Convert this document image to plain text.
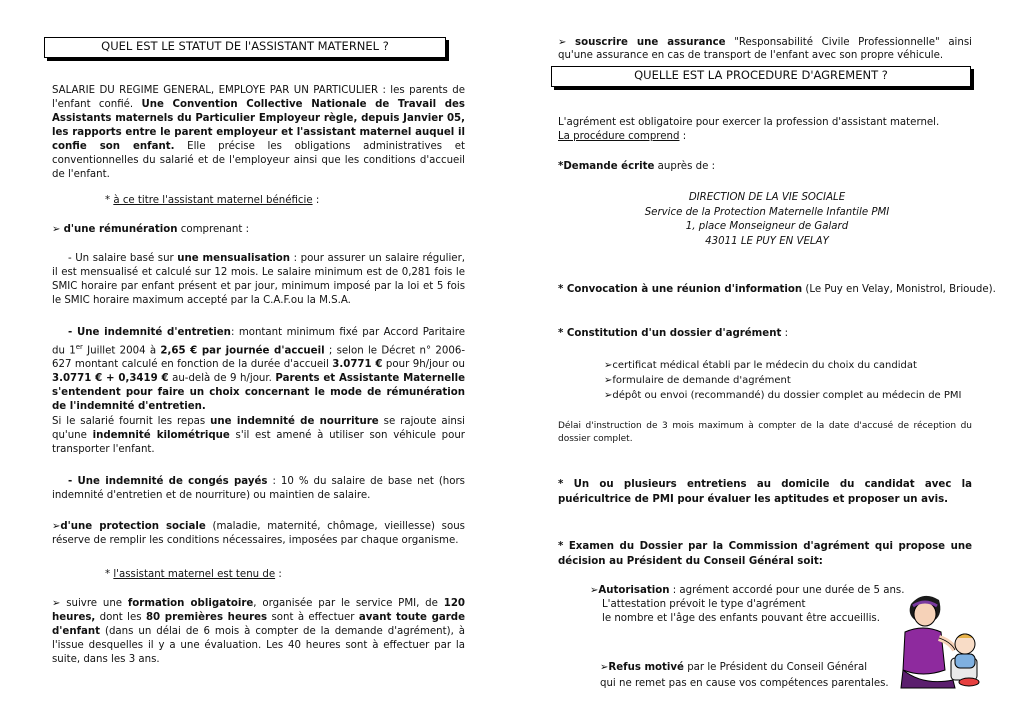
QUEL EST LE STATUT DE l'ASSISTANT MATERNEL ?
SALARIE DU REGIME GENERAL, EMPLOYE PAR UN PARTICULIER : les parents de l'enfant confié. Une Convention Collective Nationale de Travail des Assistants maternels du Particulier Employeur règle, depuis Janvier 05, les rapports entre le parent employeur et l'assistant maternel auquel il confie son enfant. Elle précise les obligations administratives et conventionnelles du salarié et de l'employeur ainsi que les conditions d'accueil de l'enfant.
* à ce titre l'assistant maternel bénéficie :
➢ d'une rémunération comprenant :
- Un salaire basé sur une mensualisation : pour assurer un salaire régulier, il est mensualisé et calculé sur 12 mois. Le salaire minimum est de 0,281 fois le SMIC horaire par enfant présent et par jour, minimum imposé par la loi et 5 fois le SMIC horaire maximum accepté par la C.A.F.ou la M.S.A.
- Une indemnité d'entretien: montant minimum fixé par Accord Paritaire du 1er Juillet 2004 à 2,65 € par journée d'accueil ; selon le Décret n° 2006-627 montant calculé en fonction de la durée d'accueil 3.0771 € pour 9h/jour ou 3.0771 € + 0,3419 € au-delà de 9 h/jour. Parents et Assistante Maternelle s'entendent pour faire un choix concernant le mode de rémunération de l'indemnité d'entretien.
Si le salarié fournit les repas une indemnité de nourriture se rajoute ainsi qu'une indemnité kilométrique s'il est amené à utiliser son véhicule pour transporter l'enfant.
- Une indemnité de congés payés : 10 % du salaire de base net (hors indemnité d'entretien et de nourriture) ou maintien de salaire.
➢d'une protection sociale (maladie, maternité, chômage, vieillesse) sous réserve de remplir les conditions nécessaires, imposées par chaque organisme.
* l'assistant maternel est tenu de :
➢ suivre une formation obligatoire, organisée par le service PMI, de 120 heures, dont les 80 premières heures sont à effectuer avant toute garde d'enfant (dans un délai de 6 mois à compter de la demande d'agrément), à l'issue desquelles il y a une évaluation. Les 40 heures sont à effectuer par la suite, dans les 3 ans.
➢ souscrire une assurance "Responsabilité Civile Professionnelle" ainsi qu'une assurance en cas de transport de l'enfant avec son propre véhicule.
QUELLE EST LA PROCEDURE D'AGREMENT ?
L'agrément est obligatoire pour exercer la profession d'assistant maternel.
La procédure comprend :
*Demande écrite auprès de :
DIRECTION DE LA VIE SOCIALE
Service de la Protection Maternelle Infantile PMI
1, place Monseigneur de Galard
43011 LE PUY EN VELAY
* Convocation à une réunion d'information (Le Puy en Velay, Monistrol, Brioude).
* Constitution d'un dossier d'agrément :
➢certificat médical établi par le médecin du choix du candidat
➢formulaire de demande d'agrément
➢dépôt ou envoi (recommandé) du dossier complet au médecin de PMI
Délai d'instruction de 3 mois maximum à compter de la date d'accusé de réception du dossier complet.
* Un ou plusieurs entretiens au domicile du candidat avec la puéricultrice de PMI pour évaluer les aptitudes et proposer un avis.
* Examen du Dossier par la Commission d'agrément qui propose une décision au Président du Conseil Général soit:
➢Autorisation : agrément accordé pour une durée de 5 ans.
L'attestation prévoit le type d'agrément
le nombre et l'âge des enfants pouvant être accueillis.
➢Refus motivé par le Président du Conseil Général
qui ne remet pas en cause vos compétences parentales.
